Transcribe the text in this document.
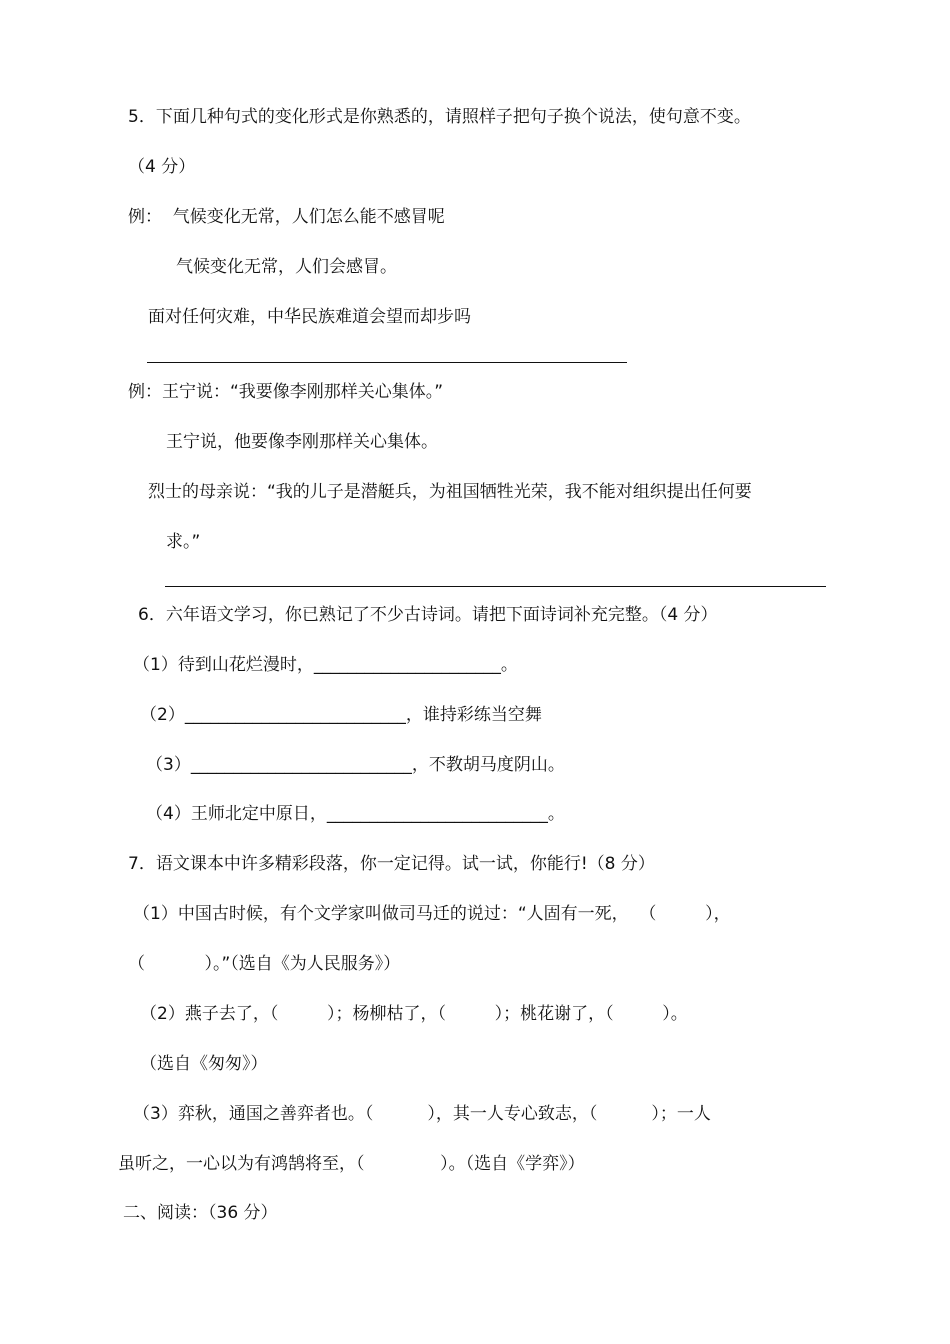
5．下面几种句式的变化形式是你熟悉的，请照样子把句子换个说法，使句意不变。
（4 分）
例：  气候变化无常，人们怎么能不感冒呢
气候变化无常，人们会感冒。
面对任何灾难，中华民族难道会望而却步吗
例：王宁说：“我要像李刚那样关心集体。”
王宁说，他要像李刚那样关心集体。
烈士的母亲说：“我的儿子是潜艇兵，为祖国牺牲光荣，我不能对组织提出任何要
求。”
6．六年语文学习，你已熟记了不少古诗词。请把下面诗词补充完整。（4 分）
（1）待到山花烂漫时，______________________。
（2）__________________________，谁持彩练当空舞
（3）__________________________，不教胡马度阴山。
（4）王师北定中原日，__________________________。
7．语文课本中许多精彩段落，你一定记得。试一试，你能行!（8 分）
（1）中国古时候，有个文学家叫做司马迁的说过：“人固有一死，  （         ），
（           ）。”（选自《为人民服务》）
（2）燕子去了，（         ）；杨柳枯了，（         ）；桃花谢了，（         ）。
（选自《匆匆》）
（3）弈秋，通国之善弈者也。（          ），其一人专心致志，（          ）；一人
虽听之，一心以为有鸿鹄将至，（              ）。（选自《学弈》）
二、阅读：（36 分）
